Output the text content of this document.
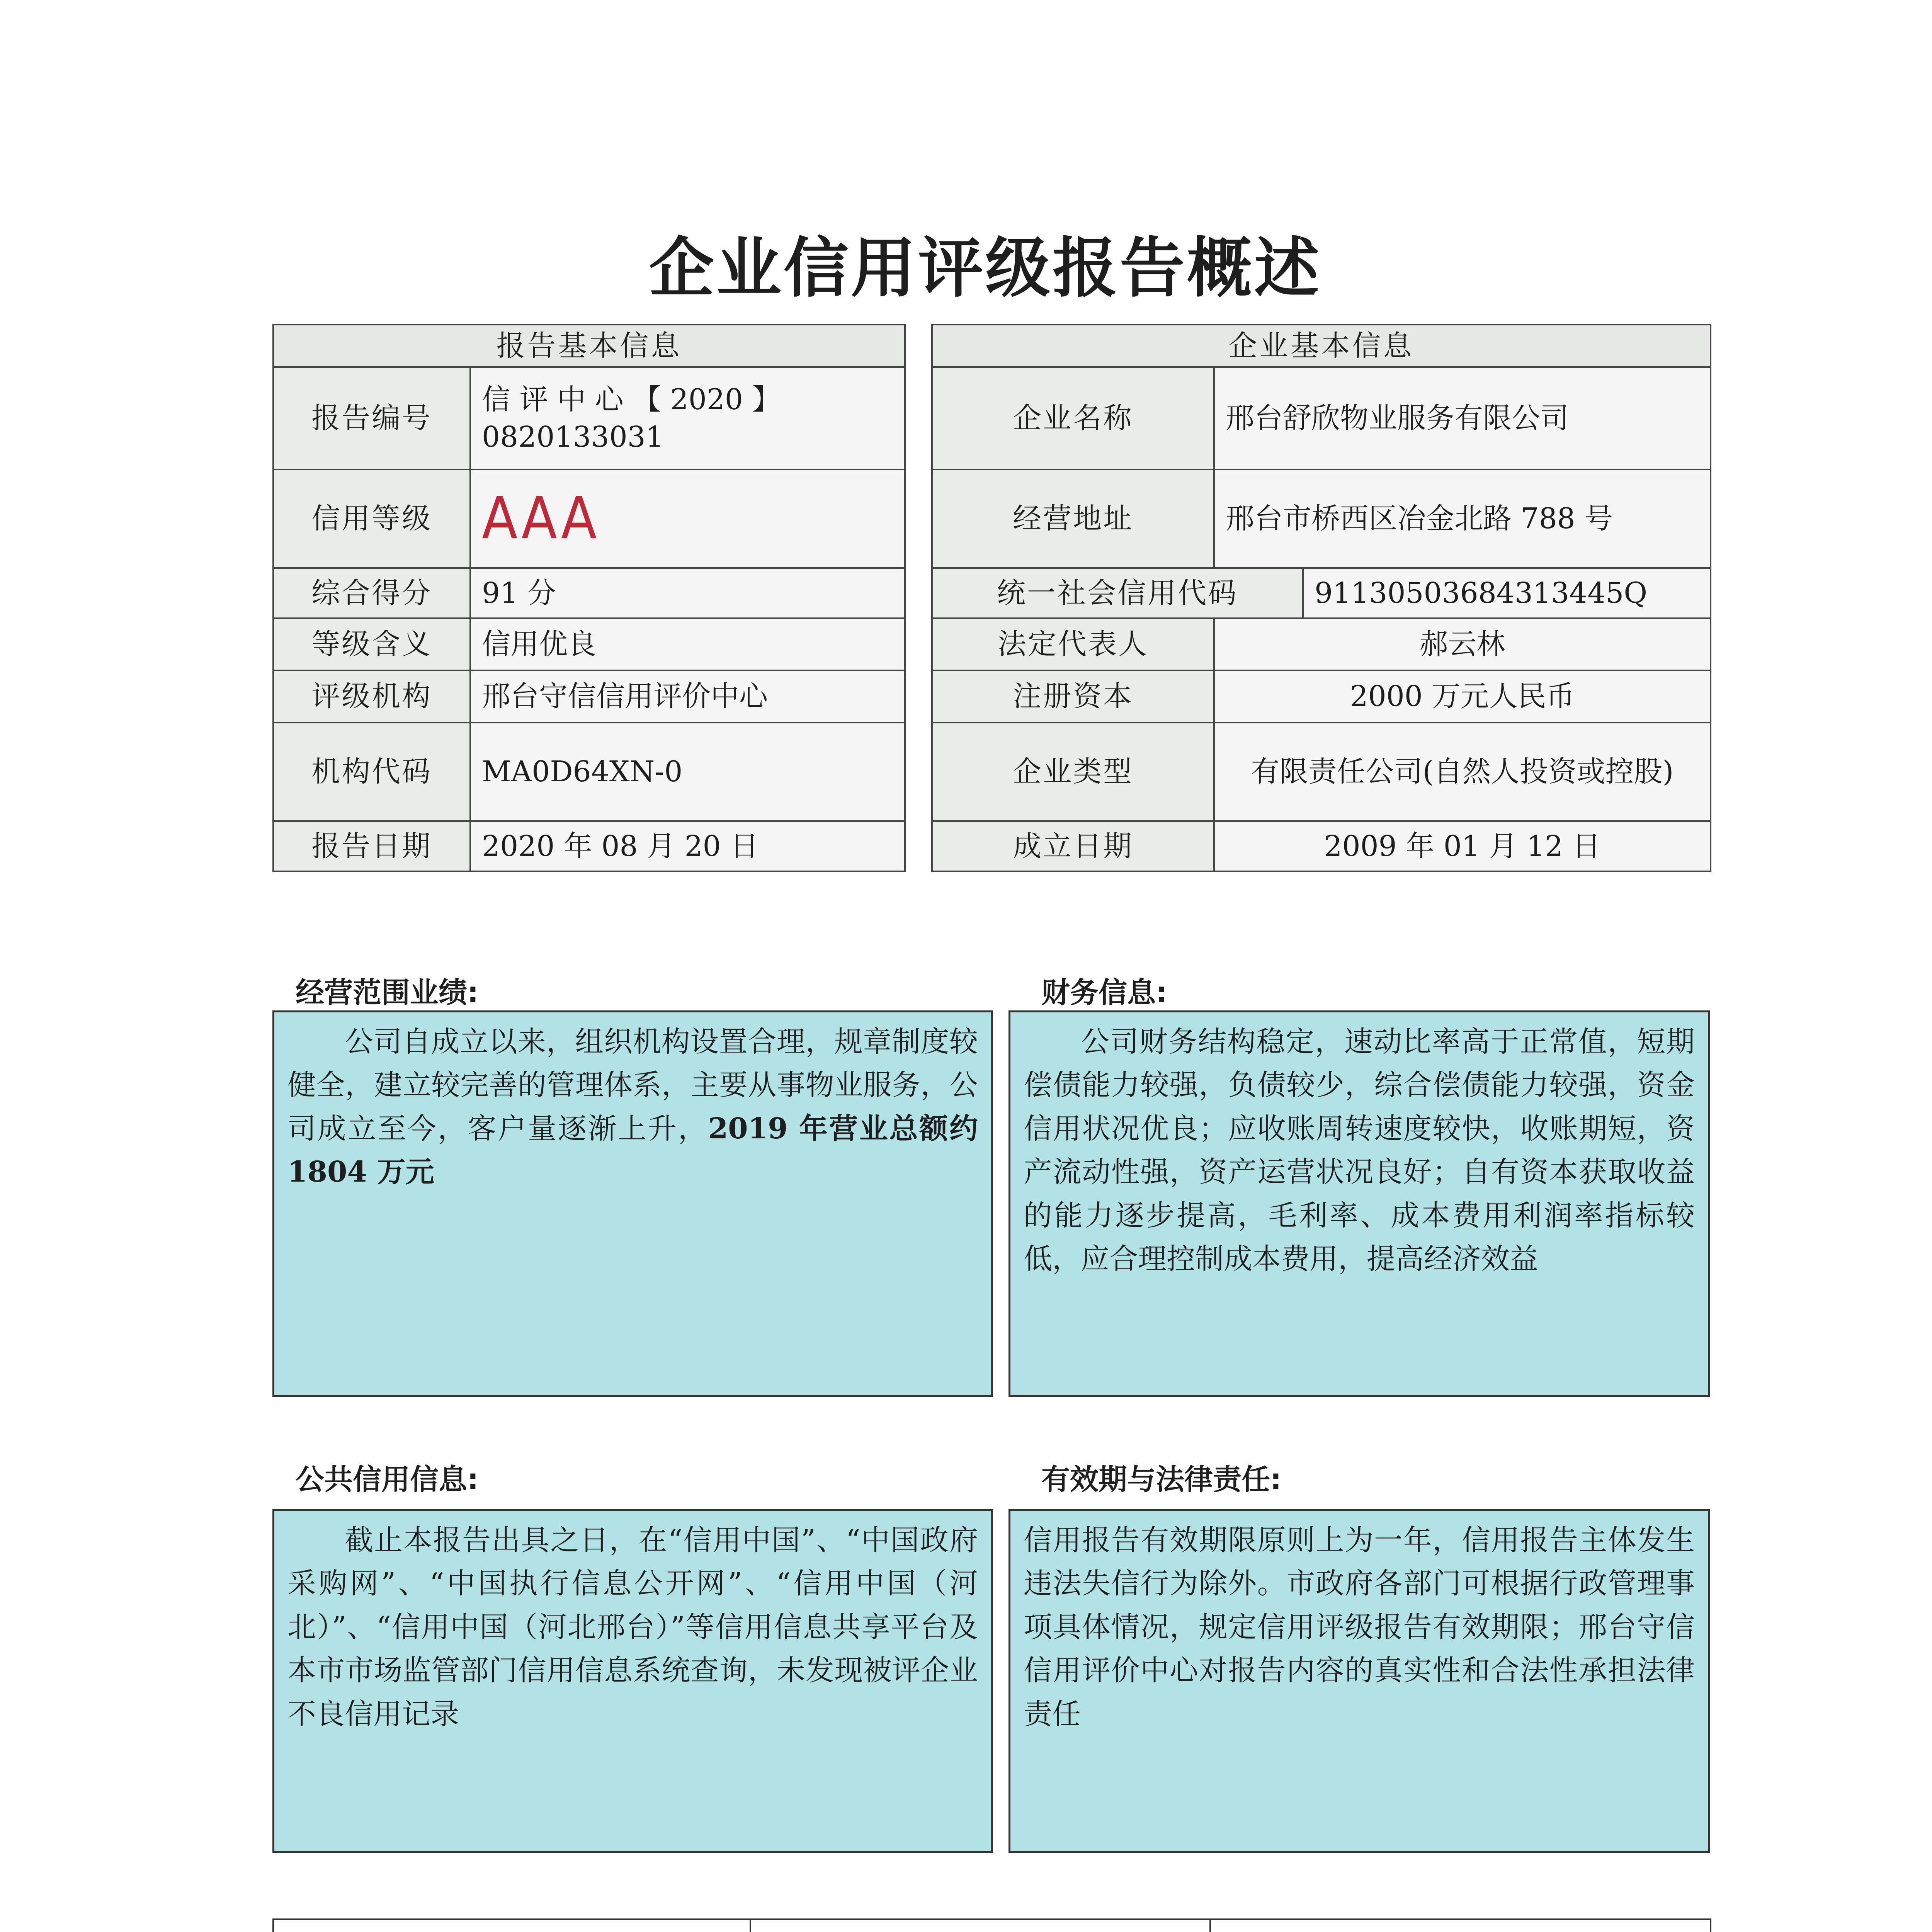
企业信用评级报告概述
报告基本信息			企业基本信息		
报告编号	信 评 中 心 【 2020 】 0820133031		企业名称	邢台舒欣物业服务有限公司	
信用等级	AAA		经营地址	邢台市桥西区冶金北路 788 号	
综合得分	91 分		统一社会信用代码		91130503684313445Q
等级含义	信用优良		法定代表人	郝云林	
评级机构	邢台守信信用评价中心		注册资本	2000 万元人民币	
机构代码	MA0D64XN-0		企业类型	有限责任公司(自然人投资或控股)	
报告日期	2020 年 08 月 20 日		成立日期	2009 年 01 月 12 日	
经营范围业绩:
公司自成立以来，组织机构设置合理，规章制度较健全，建立较完善的管理体系，主要从事物业服务，公司成立至今，客户量逐渐上升，2019 年营业总额约 1804 万元
财务信息:
公司财务结构稳定，速动比率高于正常值，短期偿债能力较强，负债较少，综合偿债能力较强，资金信用状况优良；应收账周转速度较快，收账期短，资产流动性强，资产运营状况良好；自有资本获取收益的能力逐步提高，毛利率、成本费用利润率指标较低，应合理控制成本费用，提高经济效益
公共信用信息:
截止本报告出具之日，在“信用中国”、“中国政府采购网”、“中国执行信息公开网”、“信用中国（河北）”、“信用中国（河北邢台）”等信用信息共享平台及本市市场监管部门信用信息系统查询，未发现被评企业不良信用记录
有效期与法律责任:
信用报告有效期限原则上为一年，信用报告主体发生违法失信行为除外。市政府各部门可根据行政管理事项具体情况，规定信用评级报告有效期限；邢台守信信用评价中心对报告内容的真实性和合法性承担法律责任
